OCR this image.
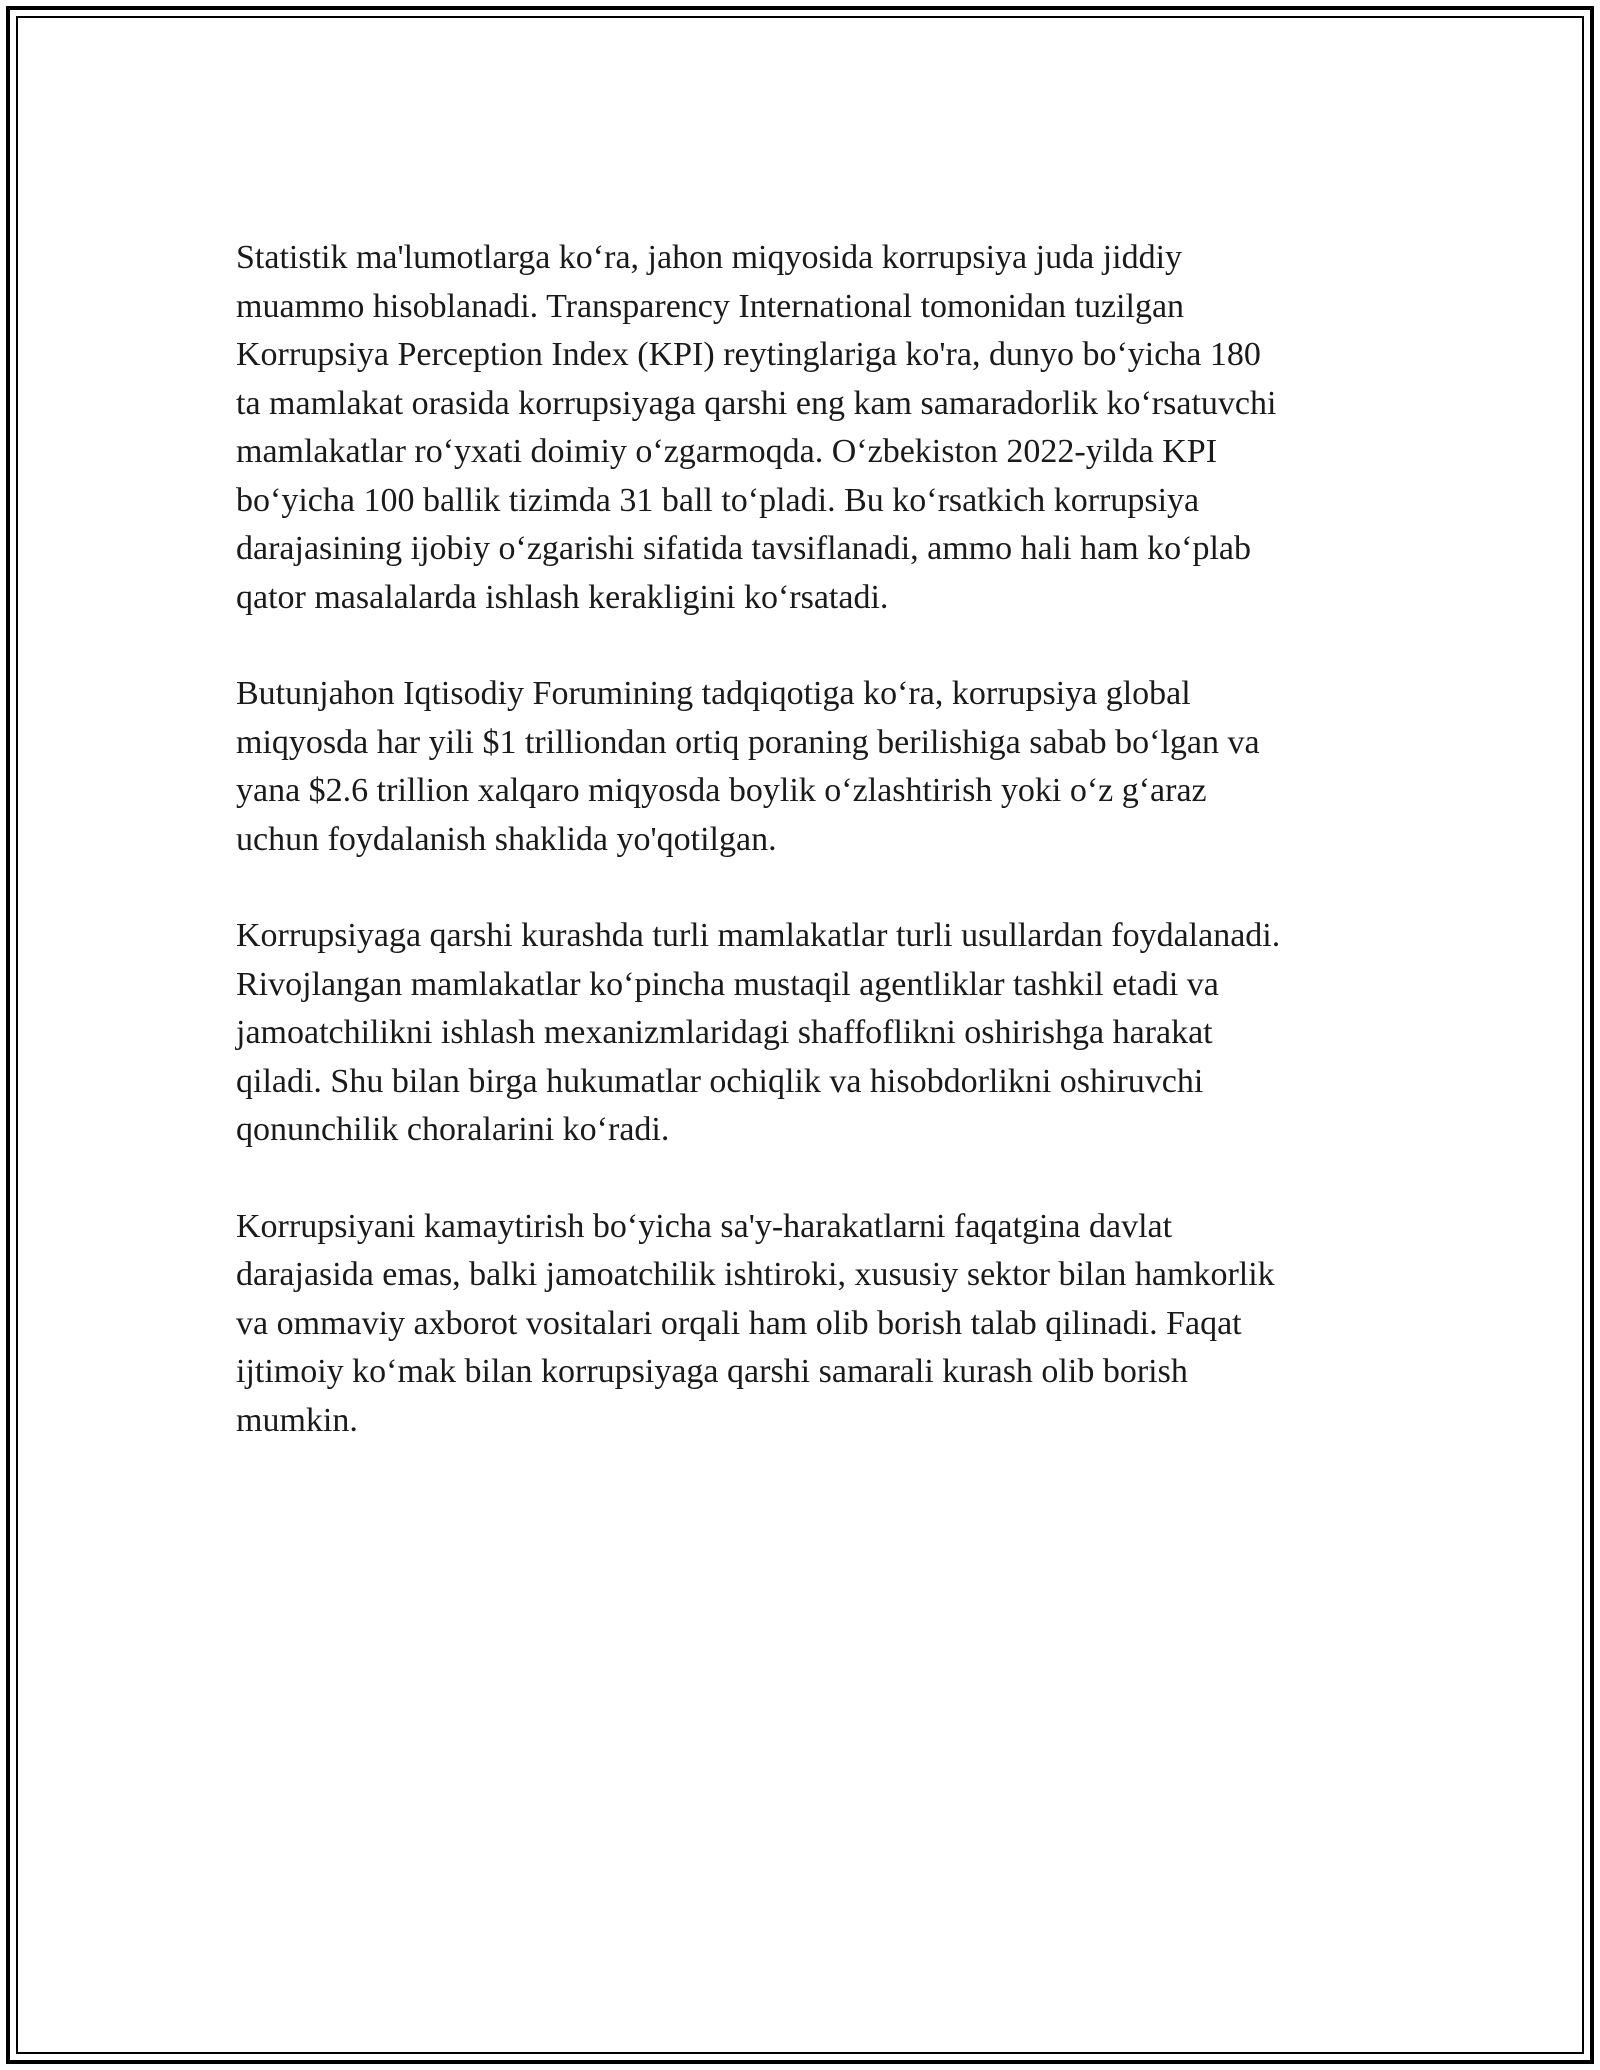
Statistik ma'lumotlarga koʻra, jahon miqyosida korrupsiya juda jiddiy
muammo hisoblanadi. Transparency International tomonidan tuzilgan
Korrupsiya Perception Index (KPI) reytinglariga ko'ra, dunyo boʻyicha 180
ta mamlakat orasida korrupsiyaga qarshi eng kam samaradorlik koʻrsatuvchi
mamlakatlar roʻyxati doimiy oʻzgarmoqda. Oʻzbekiston 2022-yilda KPI
boʻyicha 100 ballik tizimda 31 ball toʻpladi. Bu koʻrsatkich korrupsiya
darajasining ijobiy oʻzgarishi sifatida tavsiflanadi, ammo hali ham koʻplab
qator masalalarda ishlash kerakligini koʻrsatadi.

Butunjahon Iqtisodiy Forumining tadqiqotiga koʻra, korrupsiya global
miqyosda har yili $1 trilliondan ortiq poraning berilishiga sabab boʻlgan va
yana $2.6 trillion xalqaro miqyosda boylik oʻzlashtirish yoki oʻz gʻaraz
uchun foydalanish shaklida yo'qotilgan.

Korrupsiyaga qarshi kurashda turli mamlakatlar turli usullardan foydalanadi.
Rivojlangan mamlakatlar koʻpincha mustaqil agentliklar tashkil etadi va
jamoatchilikni ishlash mexanizmlaridagi shaffoflikni oshirishga harakat
qiladi. Shu bilan birga hukumatlar ochiqlik va hisobdorlikni oshiruvchi
qonunchilik choralarini koʻradi.

Korrupsiyani kamaytirish boʻyicha sa'y-harakatlarni faqatgina davlat
darajasida emas, balki jamoatchilik ishtiroki, xususiy sektor bilan hamkorlik
va ommaviy axborot vositalari orqali ham olib borish talab qilinadi. Faqat
ijtimoiy koʻmak bilan korrupsiyaga qarshi samarali kurash olib borish
mumkin.
